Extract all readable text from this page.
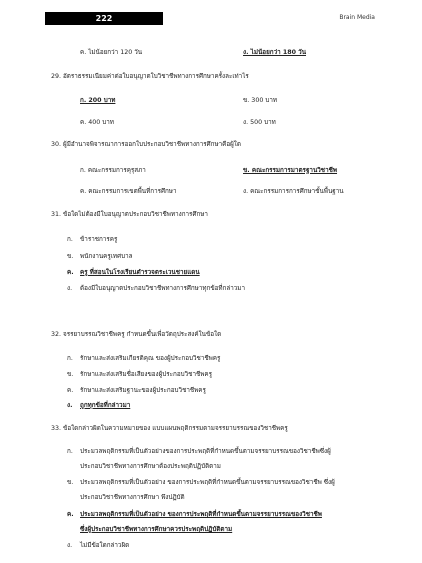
222	Brain Media
ค. ไม่น้อยกว่า 120 วัน	ง. ไม่น้อยกว่า 180 วัน
29. อัตราธรรมเนียมค่าต่อใบอนุญาตใบวิชาชีพทางการศึกษาครั้งละเท่าไร
ก. 200 บาท	ข. 300 บาท
ค. 400 บาท	ง. 500 บาท
30. ผู้มีอำนาจพิจารณาการออกใบประกอบวิชาชีพทางการศึกษาคือผู้ใด
ก. คณะกรรมการคุรุสภา	ข. คณะกรรมการมาตรฐานวิชาชีพ
ค. คณะกรรมการเขตพื้นที่การศึกษา	ง. คณะกรรมการการศึกษาขั้นพื้นฐาน
31. ข้อใดไม่ต้องมีใบอนุญาตประกอบวิชาชีพทางการศึกษา
ก. ข้าราชการครู
ข. พนักงานครูเทศบาล
ค. ครู ที่สอนในโรงเรียนตำรวจตระเวนชายแดน
ง. ต้องมีใบอนุญาตประกอบวิชาชีพทางการศึกษาทุกข้อที่กล่าวมา
32. จรรยาบรรณวิชาชีพครู กำหนดขึ้นเพื่อวัตถุประสงค์ในข้อใด
ก. รักษาและส่งเสริมเกียรติคุณ ของผู้ประกอบวิชาชีพครู
ข. รักษาและส่งเสริมชื่อเสียงของผู้ประกอบวิชาชีพครู
ค. รักษาและส่งเสริมฐานะของผู้ประกอบวิชาชีพครู
ง. ถูกทุกข้อที่กล่าวมา
33. ข้อใดกล่าวผิดในความหมายของ แบบแผนพฤติกรรมตามจรรยาบรรณของวิชาชีพครู
ก. ประมวลพฤติกรรมที่เป็นตัวอย่างของการประพฤติที่กำหนดขึ้นตามจรรยาบรรณของวิชาชีพซึ่งผู้
ประกอบวิชาชีพทางการศึกษาต้องประพฤติปฏิบัติตาม
ข. ประมวลพฤติกรรมที่เป็นตัวอย่าง ของการประพฤติที่กำหนดขึ้นตามจรรยาบรรณของวิชาชีพ ซึ่งผู้
ประกอบวิชาชีพทางการศึกษา พึงปฏิบัติ
ค. ประมวลพฤติกรรมที่เป็นตัวอย่าง ของการประพฤติที่กำหนดขึ้นตามจรรยาบรรณของวิชาชีพ
ซึ่งผู้ประกอบวิชาชีพทางการศึกษาควรประพฤติปฏิบัติตาม
ง. ไม่มีข้อใดกล่าวผิด
